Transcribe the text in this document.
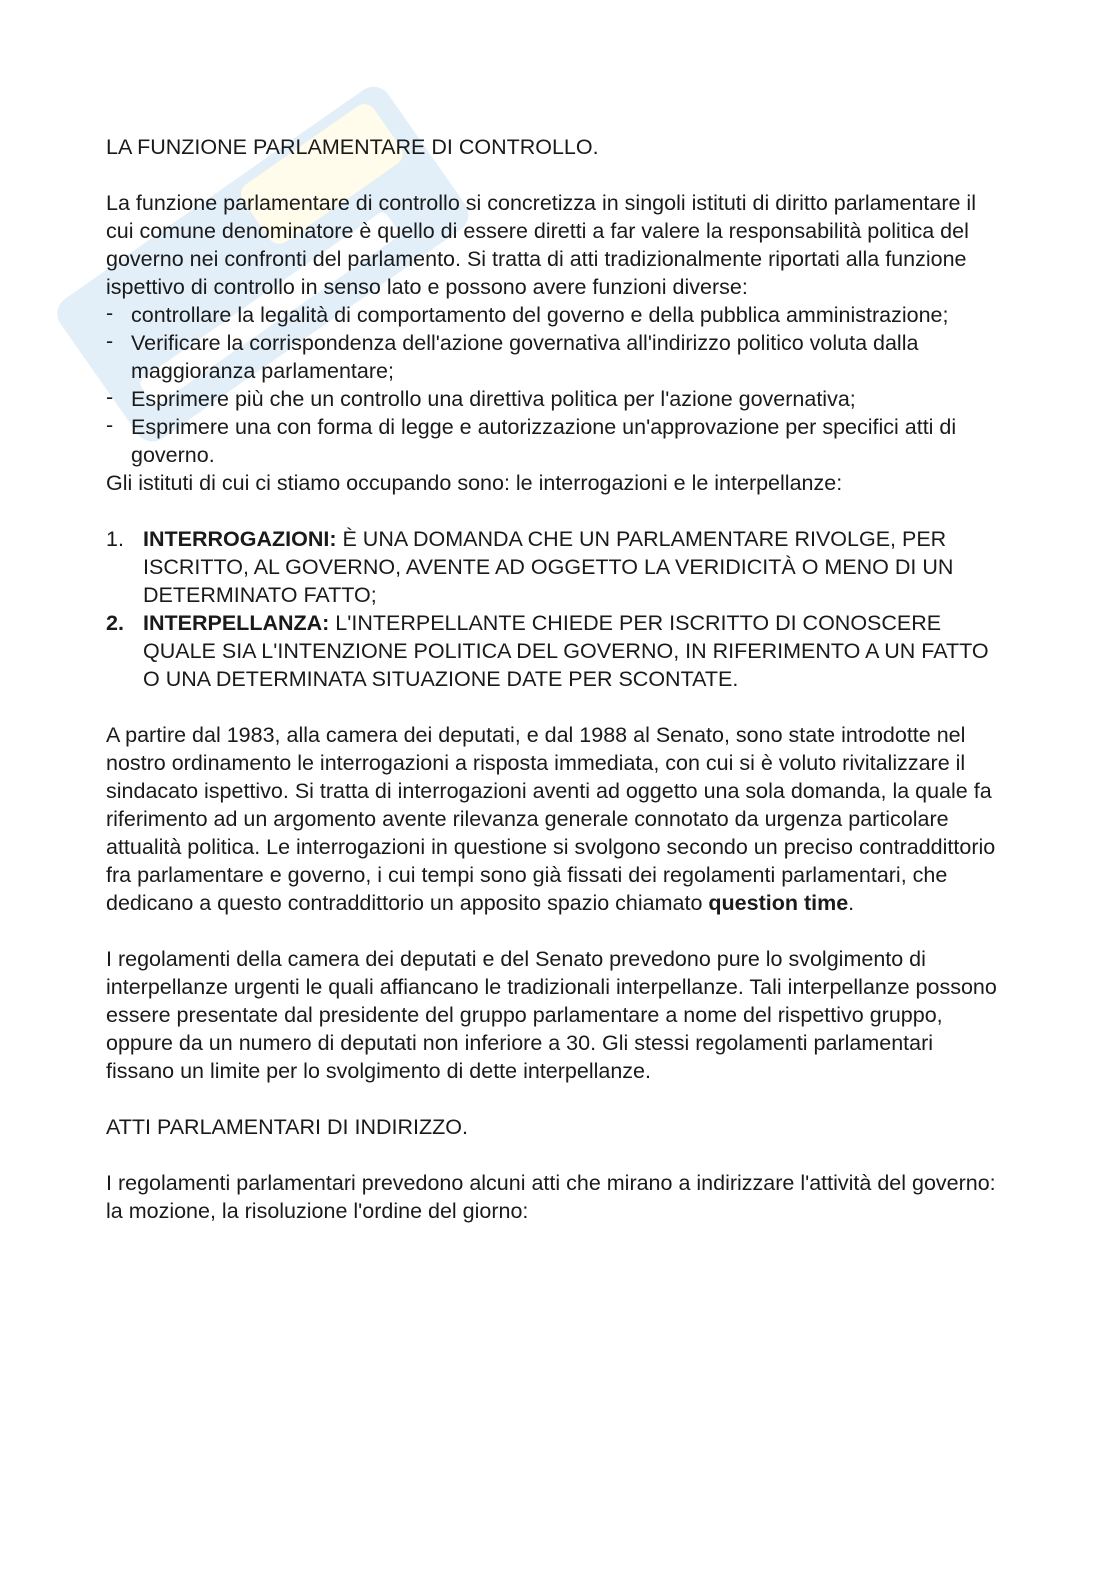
LA FUNZIONE PARLAMENTARE DI CONTROLLO.

La funzione parlamentare di controllo si concretizza in singoli istituti di diritto parlamentare il cui comune denominatore è quello di essere diretti a far valere la responsabilità politica del governo nei confronti del parlamento. Si tratta di atti tradizionalmente riportati alla funzione ispettivo di controllo in senso lato e possono avere funzioni diverse:

- controllare la legalità di comportamento del governo e della pubblica amministrazione;
- Verificare la corrispondenza dell'azione governativa all'indirizzo politico voluta dalla maggioranza parlamentare;
- Esprimere più che un controllo una direttiva politica per l'azione governativa;
- Esprimere una con forma di legge e autorizzazione un'approvazione per specifici atti di governo.

Gli istituti di cui ci stiamo occupando sono: le interrogazioni e le interpellanze:

1. INTERROGAZIONI: È UNA DOMANDA CHE UN PARLAMENTARE RIVOLGE, PER ISCRITTO, AL GOVERNO, AVENTE AD OGGETTO LA VERIDICITÀ O MENO DI UN DETERMINATO FATTO;
2. INTERPELLANZA: L'INTERPELLANTE CHIEDE PER ISCRITTO DI CONOSCERE QUALE SIA L'INTENZIONE POLITICA DEL GOVERNO, IN RIFERIMENTO A UN FATTO O UNA DETERMINATA SITUAZIONE DATE PER SCONTATE.

A partire dal 1983, alla camera dei deputati, e dal 1988 al Senato, sono state introdotte nel nostro ordinamento le interrogazioni a risposta immediata, con cui si è voluto rivitalizzare il sindacato ispettivo. Si tratta di interrogazioni aventi ad oggetto una sola domanda, la quale fa riferimento ad un argomento avente rilevanza generale connotato da urgenza particolare attualità politica. Le interrogazioni in questione si svolgono secondo un preciso contraddittorio fra parlamentare e governo, i cui tempi sono già fissati dei regolamenti parlamentari, che dedicano a questo contraddittorio un apposito spazio chiamato question time.

I regolamenti della camera dei deputati e del Senato prevedono pure lo svolgimento di interpellanze urgenti le quali affiancano le tradizionali interpellanze. Tali interpellanze possono essere presentate dal presidente del gruppo parlamentare a nome del rispettivo gruppo, oppure da un numero di deputati non inferiore a 30. Gli stessi regolamenti parlamentari fissano un limite per lo svolgimento di dette interpellanze.

ATTI PARLAMENTARI DI INDIRIZZO.

I regolamenti parlamentari prevedono alcuni atti che mirano a indirizzare l'attività del governo: la mozione, la risoluzione l'ordine del giorno:
